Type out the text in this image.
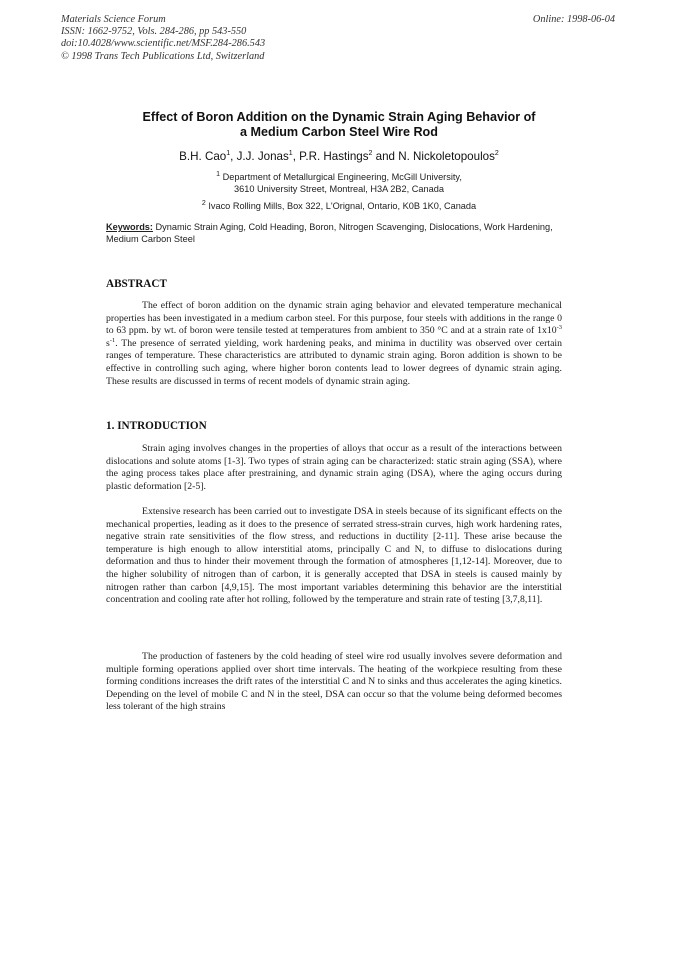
Materials Science Forum
ISSN: 1662-9752, Vols. 284-286, pp 543-550
doi:10.4028/www.scientific.net/MSF.284-286.543
© 1998 Trans Tech Publications Ltd, Switzerland
Online: 1998-06-04
Effect of Boron Addition on the Dynamic Strain Aging Behavior of
a Medium Carbon Steel Wire Rod
B.H. Cao$^1$, J.J. Jonas$^1$, P.R. Hastings$^2$ and N. Nickoletopoulos$^2$
$^1$ Department of Metallurgical Engineering, McGill University,
3610 University Street, Montreal, H3A 2B2, Canada
$^2$ Ivaco Rolling Mills, Box 322, L'Orignal, Ontario, K0B 1K0, Canada
Keywords: Dynamic Strain Aging, Cold Heading, Boron, Nitrogen Scavenging, Dislocations, Work Hardening, Medium Carbon Steel
ABSTRACT
The effect of boron addition on the dynamic strain aging behavior and elevated temperature mechanical properties has been investigated in a medium carbon steel. For this purpose, four steels with additions in the range 0 to 63 ppm. by wt. of boron were tensile tested at temperatures from ambient to 350 °C and at a strain rate of $1x10^{-3}$ $s^{-1}$. The presence of serrated yielding, work hardening peaks, and minima in ductility was observed over certain ranges of temperature. These characteristics are attributed to dynamic strain aging. Boron addition is shown to be effective in controlling such aging, where higher boron contents lead to lower degrees of dynamic strain aging. These results are discussed in terms of recent models of dynamic strain aging.
1. INTRODUCTION
Strain aging involves changes in the properties of alloys that occur as a result of the interactions between dislocations and solute atoms [1-3]. Two types of strain aging can be characterized: static strain aging (SSA), where the aging process takes place after prestraining, and dynamic strain aging (DSA), where the aging occurs during plastic deformation [2-5].
Extensive research has been carried out to investigate DSA in steels because of its significant effects on the mechanical properties, leading as it does to the presence of serrated stress-strain curves, high work hardening rates, negative strain rate sensitivities of the flow stress, and reductions in ductility [2-11]. These arise because the temperature is high enough to allow interstitial atoms, principally C and N, to diffuse to dislocations during deformation and thus to hinder their movement through the formation of atmospheres [1,12-14]. Moreover, due to the higher solubility of nitrogen than of carbon, it is generally accepted that DSA in steels is caused mainly by nitrogen rather than carbon [4,9,15]. The most important variables determining this behavior are the interstitial concentration and cooling rate after hot rolling, followed by the temperature and strain rate of testing [3,7,8,11].
The production of fasteners by the cold heading of steel wire rod usually involves severe deformation and multiple forming operations applied over short time intervals. The heating of the workpiece resulting from these forming conditions increases the drift rates of the interstitial C and N to sinks and thus accelerates the aging kinetics. Depending on the level of mobile C and N in the steel, DSA can occur so that the volume being deformed becomes less tolerant of the high strains
